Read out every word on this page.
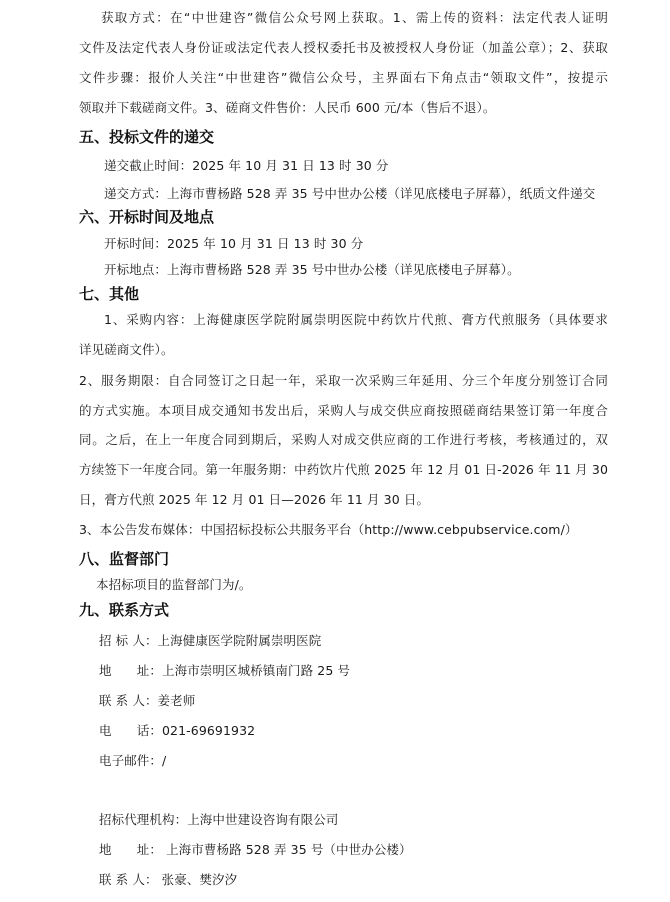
获取方式：在“中世建咨”微信公众号网上获取。1、需上传的资料：法定代表人证明
文件及法定代表人身份证或法定代表人授权委托书及被授权人身份证（加盖公章）；2、获取
文件步骤：报价人关注“中世建咨”微信公众号，主界面右下角点击“领取文件”，按提示
领取并下载磋商文件。3、磋商文件售价：人民币 600 元/本（售后不退）。
五、投标文件的递交
递交截止时间：2025 年 10 月 31 日 13 时 30 分
递交方式：上海市曹杨路 528 弄 35 号中世办公楼（详见底楼电子屏幕），纸质文件递交
六、开标时间及地点
开标时间：2025 年 10 月 31 日 13 时 30 分
开标地点：上海市曹杨路 528 弄 35 号中世办公楼（详见底楼电子屏幕）。
七、其他
1、采购内容：上海健康医学院附属崇明医院中药饮片代煎、膏方代煎服务（具体要求
详见磋商文件）。
2、服务期限：自合同签订之日起一年，采取一次采购三年延用、分三个年度分别签订合同
的方式实施。本项目成交通知书发出后，采购人与成交供应商按照磋商结果签订第一年度合
同。之后，在上一年度合同到期后，采购人对成交供应商的工作进行考核，考核通过的，双
方续签下一年度合同。第一年服务期：中药饮片代煎 2025 年 12 月 01 日-2026 年 11 月 30
日，膏方代煎 2025 年 12 月 01 日—2026 年 11 月 30 日。
3、本公告发布媒体：中国招标投标公共服务平台（http://www.cebpubservice.com/）
八、监督部门
本招标项目的监督部门为/。
九、联系方式
招 标 人：上海健康医学院附属崇明医院
地　　址：上海市崇明区城桥镇南门路 25 号
联 系 人：姜老师
电　　话：021-69691932
电子邮件：/
招标代理机构：上海中世建设咨询有限公司
地　　址： 上海市曹杨路 528 弄 35 号（中世办公楼）
联 系 人： 张豪、樊汐汐
